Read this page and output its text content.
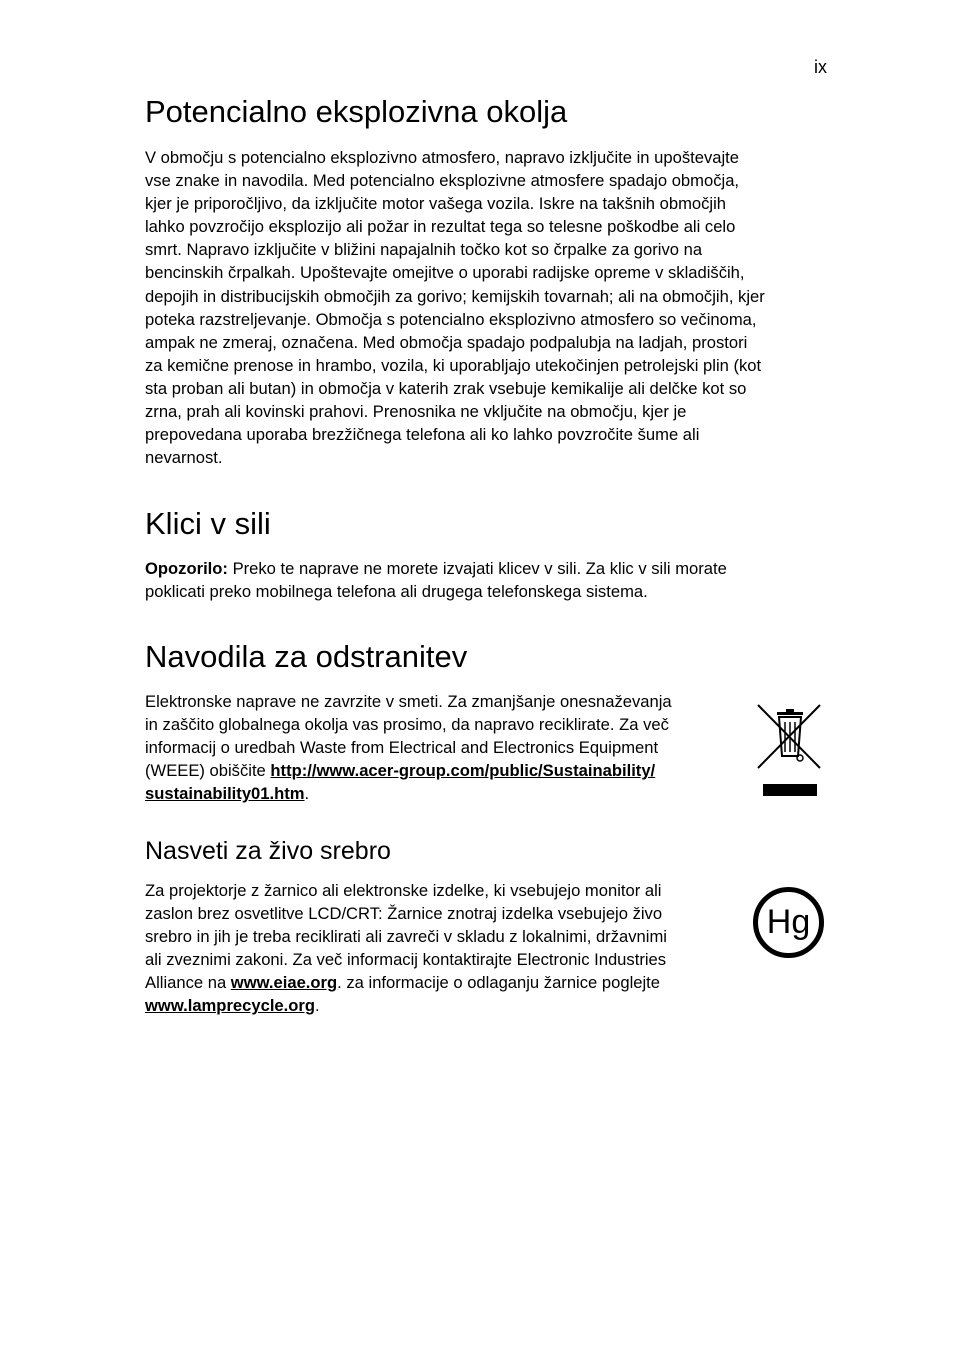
ix
Potencialno eksplozivna okolja
V območju s potencialno eksplozivno atmosfero, napravo izključite in upoštevajte
vse znake in navodila. Med potencialno eksplozivne atmosfere spadajo območja,
kjer je priporočljivo, da izključite motor vašega vozila. Iskre na takšnih območjih
lahko povzročijo eksplozijo ali požar in rezultat tega so telesne poškodbe ali celo
smrt. Napravo izključite v bližini napajalnih točko kot so črpalke za gorivo na
bencinskih črpalkah. Upoštevajte omejitve o uporabi radijske opreme v skladiščih,
depojih in distribucijskih območjih za gorivo; kemijskih tovarnah; ali na območjih, kjer
poteka razstreljevanje. Območja s potencialno eksplozivno atmosfero so večinoma,
ampak ne zmeraj, označena. Med območja spadajo podpalubja na ladjah, prostori
za kemične prenose in hrambo, vozila, ki uporabljajo utekočinjen petrolejski plin (kot
sta proban ali butan) in območja v katerih zrak vsebuje kemikalije ali delčke kot so
zrna, prah ali kovinski prahovi. Prenosnika ne vključite na območju, kjer je
prepovedana uporaba brezžičnega telefona ali ko lahko povzročite šume ali
nevarnost.
Klici v sili
Opozorilo: Preko te naprave ne morete izvajati klicev v sili. Za klic v sili morate
poklicati preko mobilnega telefona ali drugega telefonskega sistema.
Navodila za odstranitev
Elektronske naprave ne zavrzite v smeti. Za zmanjšanje onesnaževanja
in zaščito globalnega okolja vas prosimo, da napravo reciklirate. Za več
informacij o uredbah Waste from Electrical and Electronics Equipment
(WEEE) obiščite http://www.acer-group.com/public/Sustainability/
sustainability01.htm.
Nasveti za živo srebro
Za projektorje z žarnico ali elektronske izdelke, ki vsebujejo monitor ali
zaslon brez osvetlitve LCD/CRT: Žarnice znotraj izdelka vsebujejo živo
srebro in jih je treba reciklirati ali zavreči v skladu z lokalnimi, državnimi
ali zveznimi zakoni. Za več informacij kontaktirajte Electronic Industries
Alliance na www.eiae.org. za informacije o odlaganju žarnice poglejte
www.lamprecycle.org.
Hg
